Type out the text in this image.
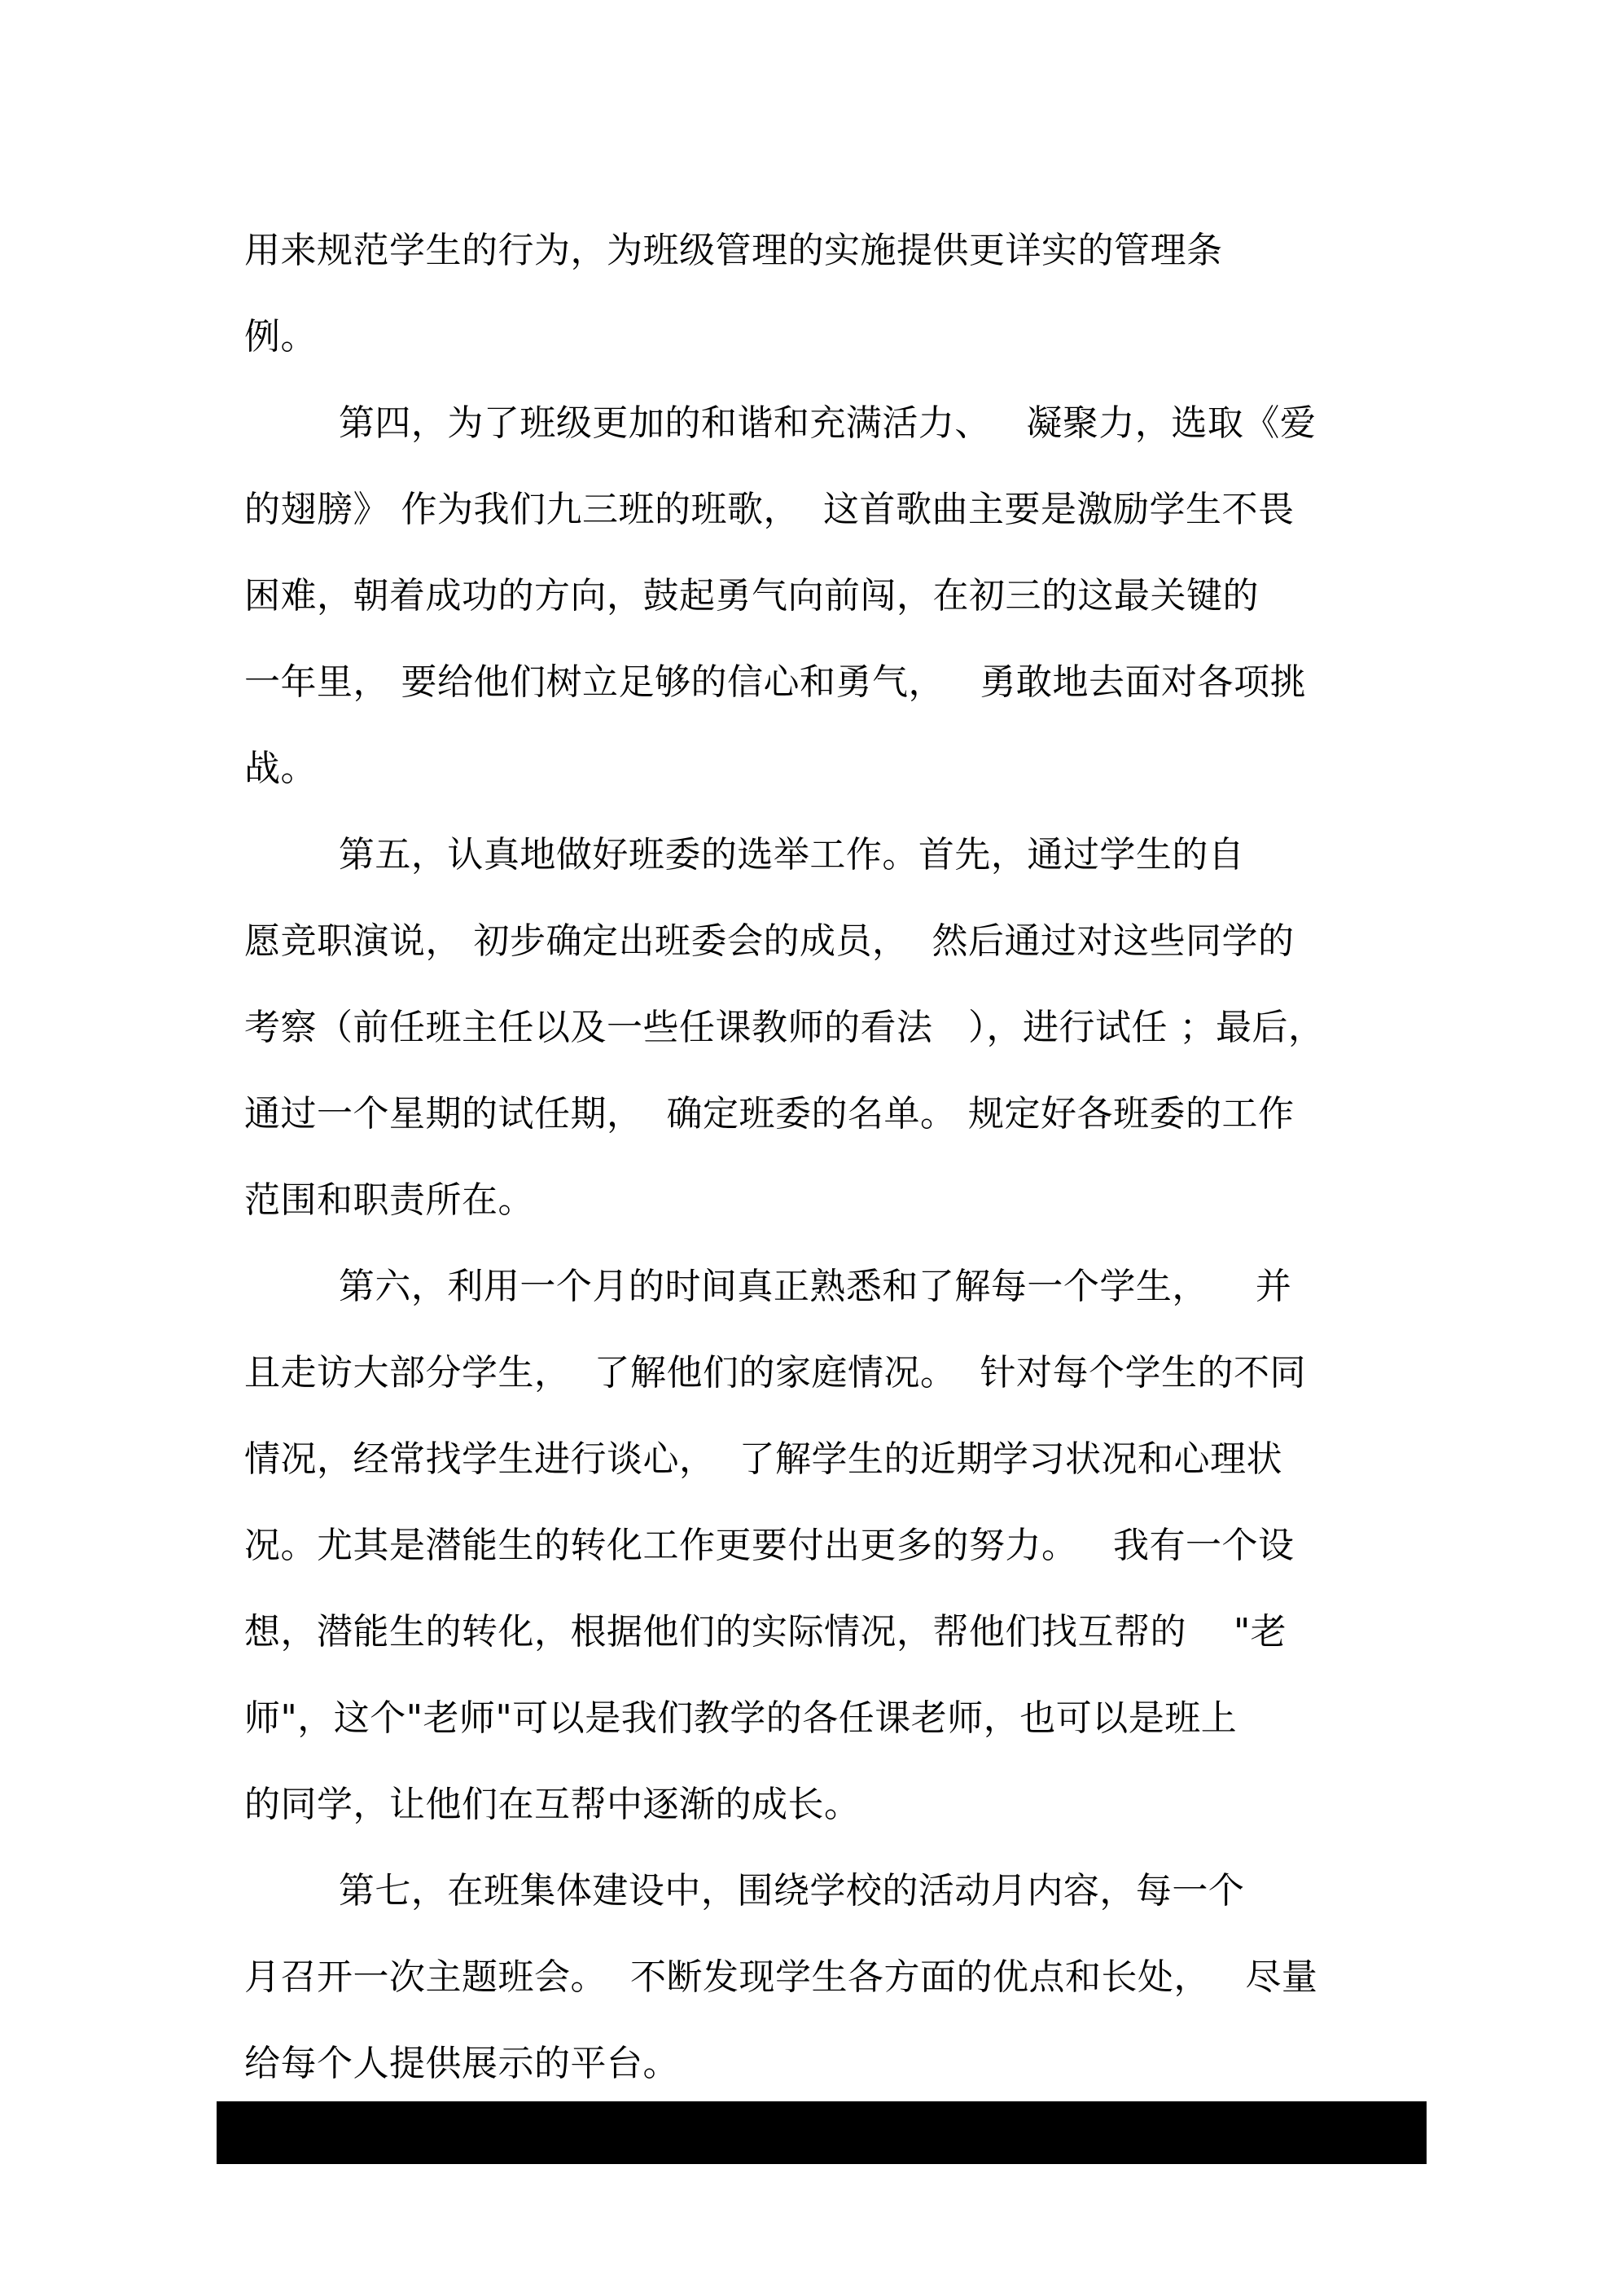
用来规范学生的行为，为班级管理的实施提供更详实的管理条
例。
第四，为了班级更加的和谐和充满活力、   凝聚力，选取《爱
的翅膀》 作为我们九三班的班歌，  这首歌曲主要是激励学生不畏
困难，朝着成功的方向，鼓起勇气向前闯，在初三的这最关键的
一年里， 要给他们树立足够的信心和勇气，   勇敢地去面对各项挑
战。
第五，认真地做好班委的选举工作。首先，通过学生的自
愿竞职演说， 初步确定出班委会的成员，  然后通过对这些同学的
考察（前任班主任以及一些任课教师的看法   ），进行试任 ；最后，
通过一个星期的试任期，  确定班委的名单。 规定好各班委的工作
范围和职责所在。
第六，利用一个月的时间真正熟悉和了解每一个学生，    并
且走访大部分学生，  了解他们的家庭情况。  针对每个学生的不同
情况，经常找学生进行谈心，  了解学生的近期学习状况和心理状
况。尤其是潜能生的转化工作更要付出更多的努力。   我有一个设
想，潜能生的转化，根据他们的实际情况，帮他们找互帮的    "老
师"，这个"老师"可以是我们教学的各任课老师，也可以是班上
的同学，让他们在互帮中逐渐的成长。
第七，在班集体建设中，围绕学校的活动月内容，每一个
月召开一次主题班会。  不断发现学生各方面的优点和长处，   尽量
给每个人提供展示的平台。
